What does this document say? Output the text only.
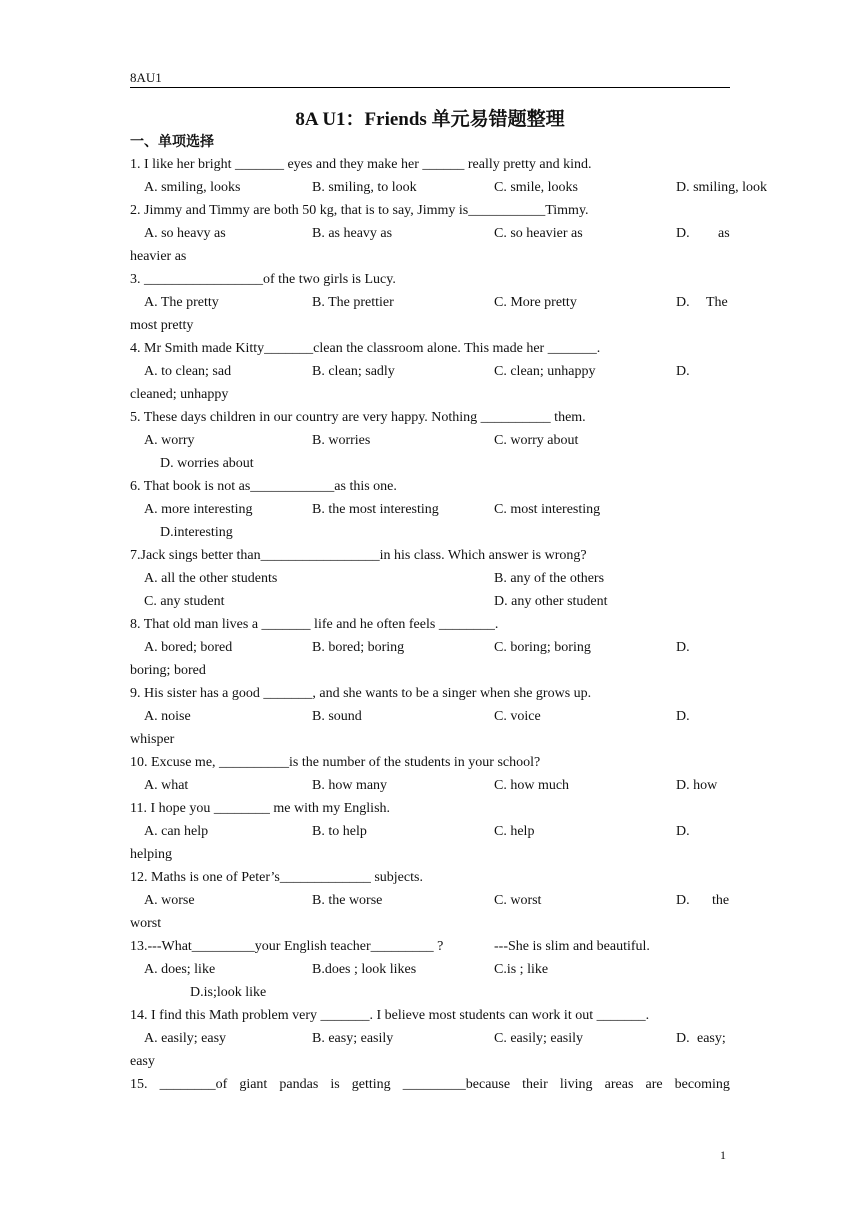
8AU1
8A U1：Friends 单元易错题整理
一、单项选择
1. I like her bright _______ eyes and they make her ______ really pretty and kind.
A. smiling, looks	B. smiling, to look	C. smile, looks	D. smiling, look
2. Jimmy and Timmy are both 50 kg, that is to say, Jimmy is___________Timmy.
A. so heavy as	B. as heavy as	C. so heavier as	D. as
heavier as
3. _________________of the two girls is Lucy.
A. The pretty	B. The prettier	C. More pretty	D. The
most pretty
4. Mr Smith made Kitty_______clean the classroom alone. This made her _______.
A. to clean; sad	B. clean; sadly	C. clean; unhappy	D.
cleaned; unhappy
5. These days children in our country are very happy. Nothing __________ them.
A. worry	B. worries	C. worry about
D. worries about
6. That book is not as____________as this one.
A. more interesting	B. the most interesting	C. most interesting
D.interesting
7.Jack sings better than_________________in his class. Which answer is wrong?
A. all the other students	B. any of the others
C. any student	D. any other student
8. That old man lives a _______ life and he often feels ________.
A. bored; bored	B. bored; boring	C. boring; boring	D.
boring; bored
9. His sister has a good _______, and she wants to be a singer when she grows up.
A. noise	B. sound	C. voice	D.
whisper
10. Excuse me, __________is the number of the students in your school?
A. what	B. how many	C. how much	D. how
11. I hope you ________ me with my English.
A. can help	B. to help	C. help	D.
helping
12. Maths is one of Peter’s_____________ subjects.
A. worse	B. the worse	C. worst	D. the
worst
13.---What_________your English teacher_________ ?	---She is slim and beautiful.
A. does; like	B.does ; look likes	C.is ; like
D.is;look like
14. I find this Math problem very _______. I believe most students can work it out _______.
A. easily; easy	B. easy; easily	C. easily; easily	D. easy;
easy
15. ________of giant pandas is getting _________because their living areas are becoming
1
